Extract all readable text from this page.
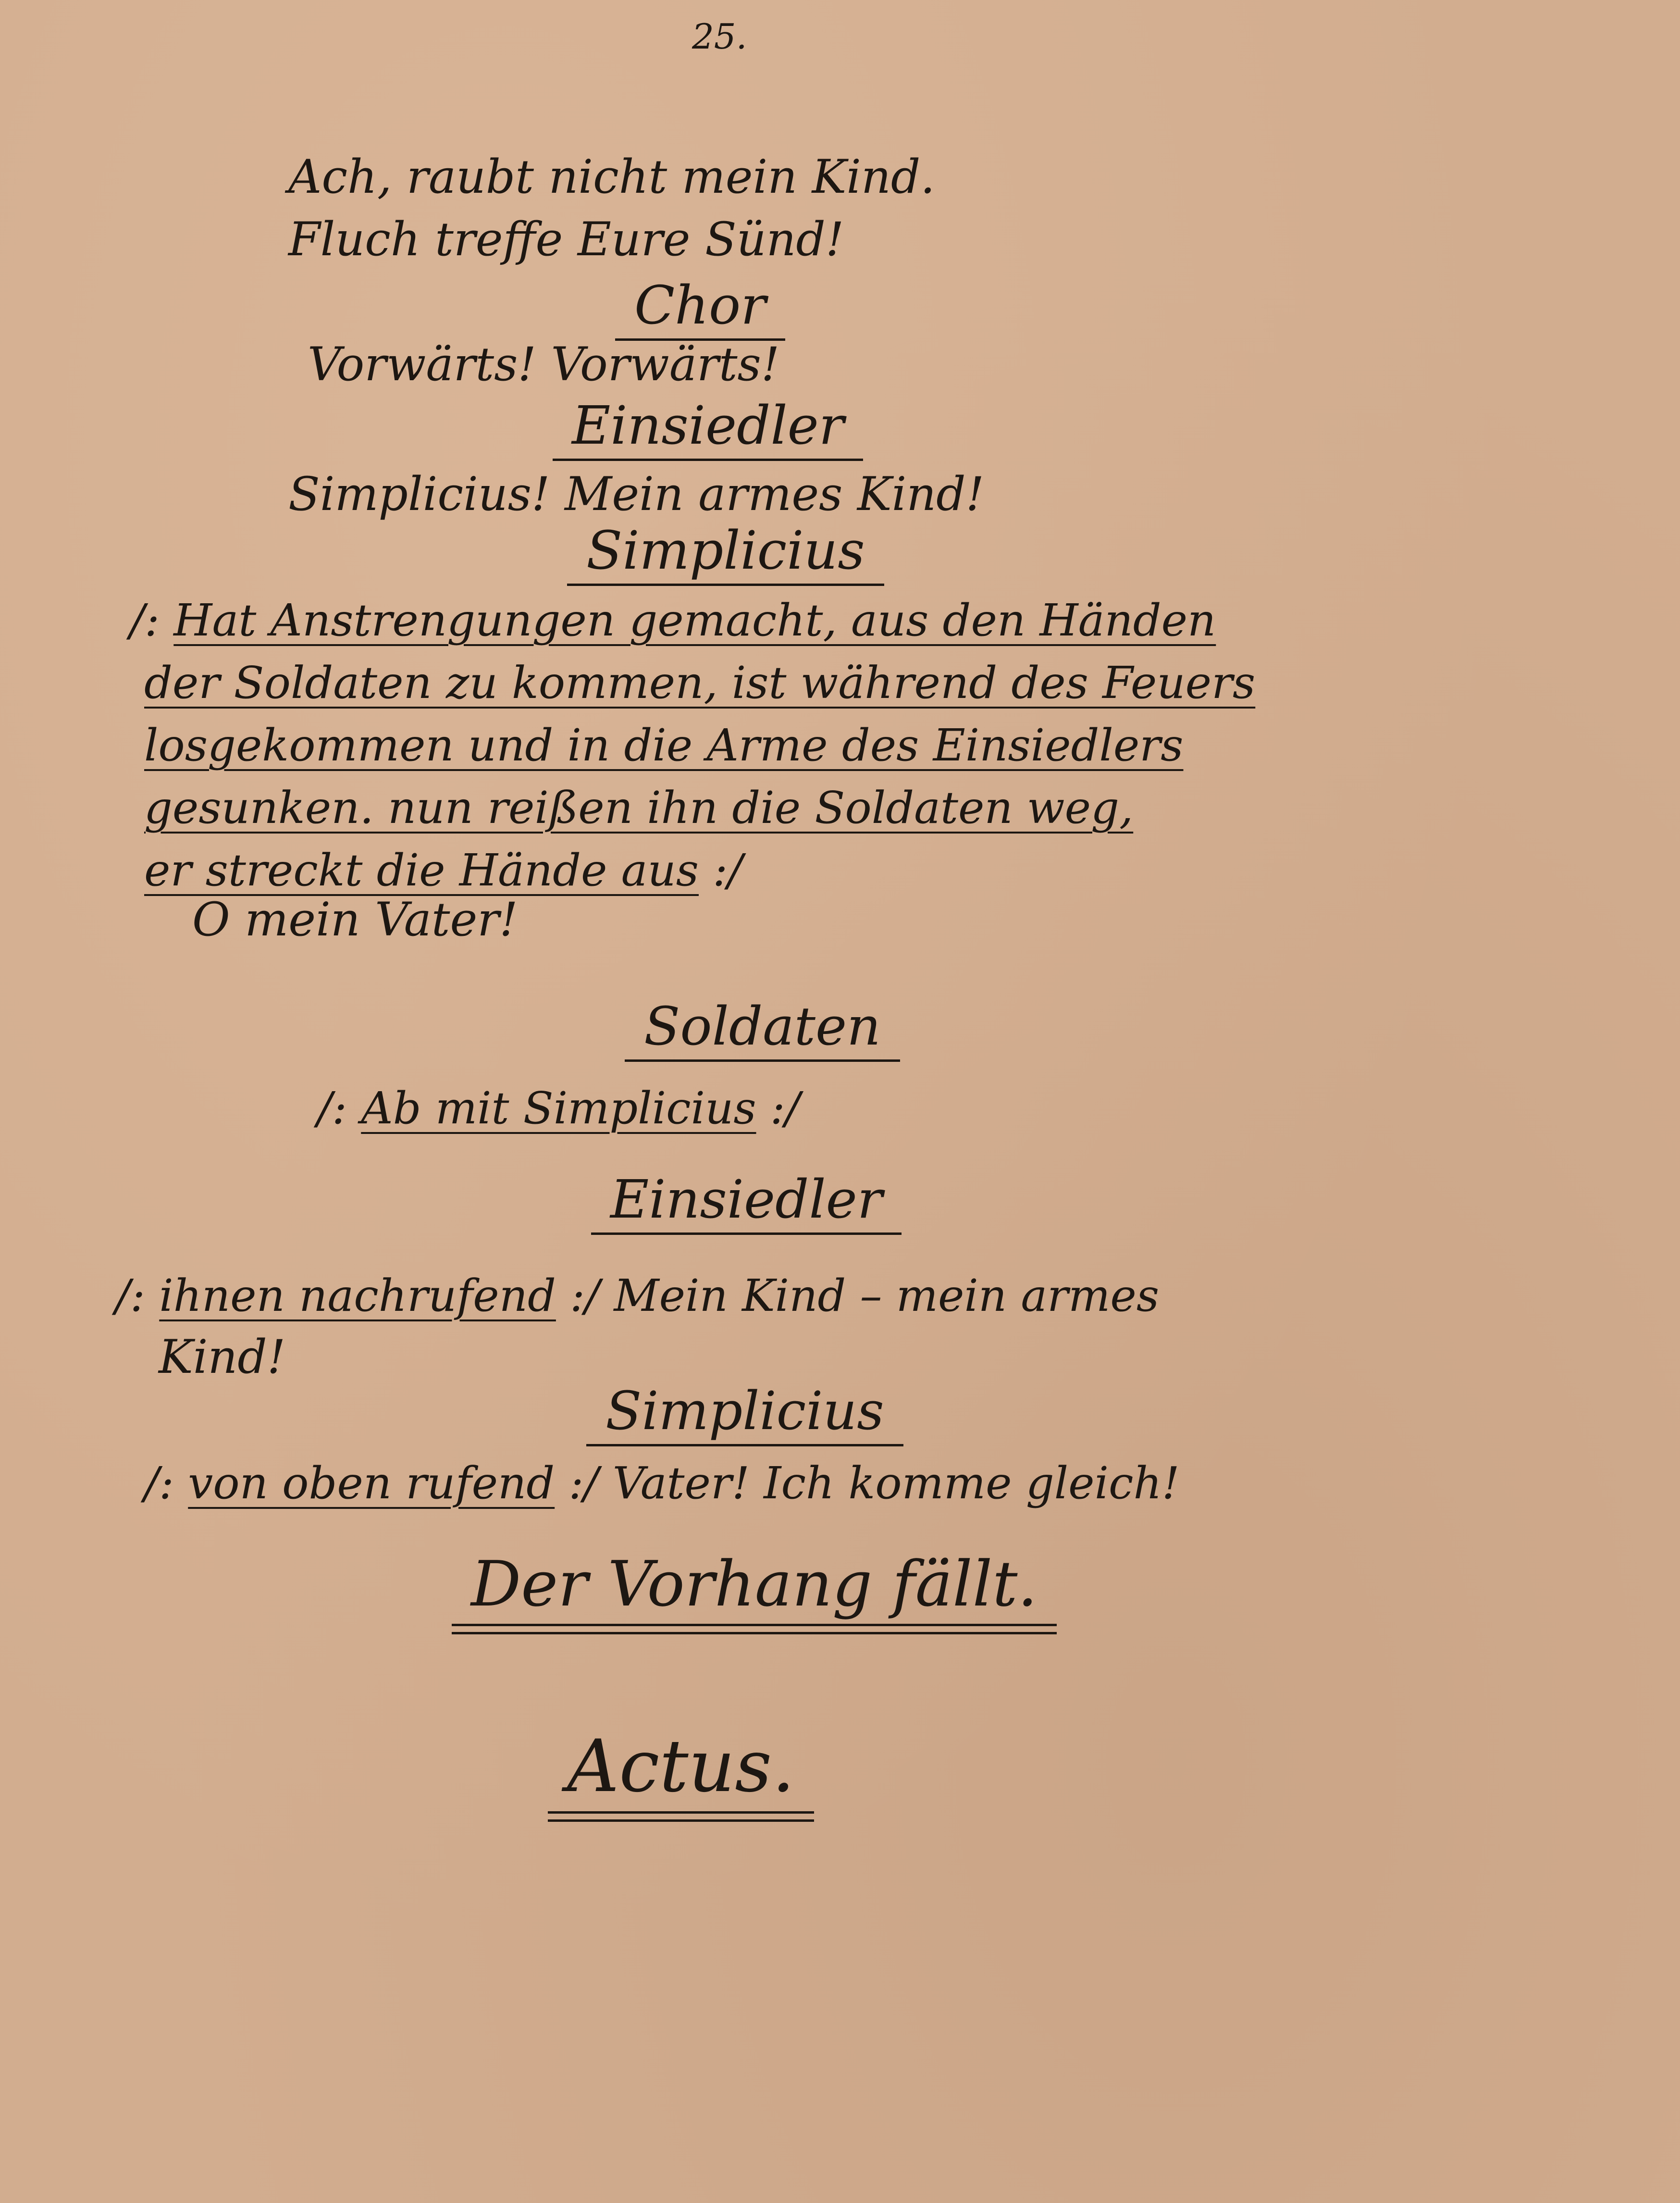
25.
Ach, raubt nicht mein Kind.
Fluch treffe Eure Sünd!
Chor
Vorwärts! Vorwärts!
Einsiedler
Simplicius! Mein armes Kind!
Simplicius
/: Hat Anstrengungen gemacht, aus den Händen
der Soldaten zu kommen, ist während des Feuers
losgekommen und in die Arme des Einsiedlers
gesunken. nun reißen ihn die Soldaten weg,
er streckt die Hände aus :/
O mein Vater!
Soldaten
/: Ab mit Simplicius :/
Einsiedler
/: ihnen nachrufend :/ Mein Kind – mein armes
Kind!
Simplicius
/: von oben rufend :/ Vater! Ich komme gleich!
Der Vorhang fällt.
Actus.
